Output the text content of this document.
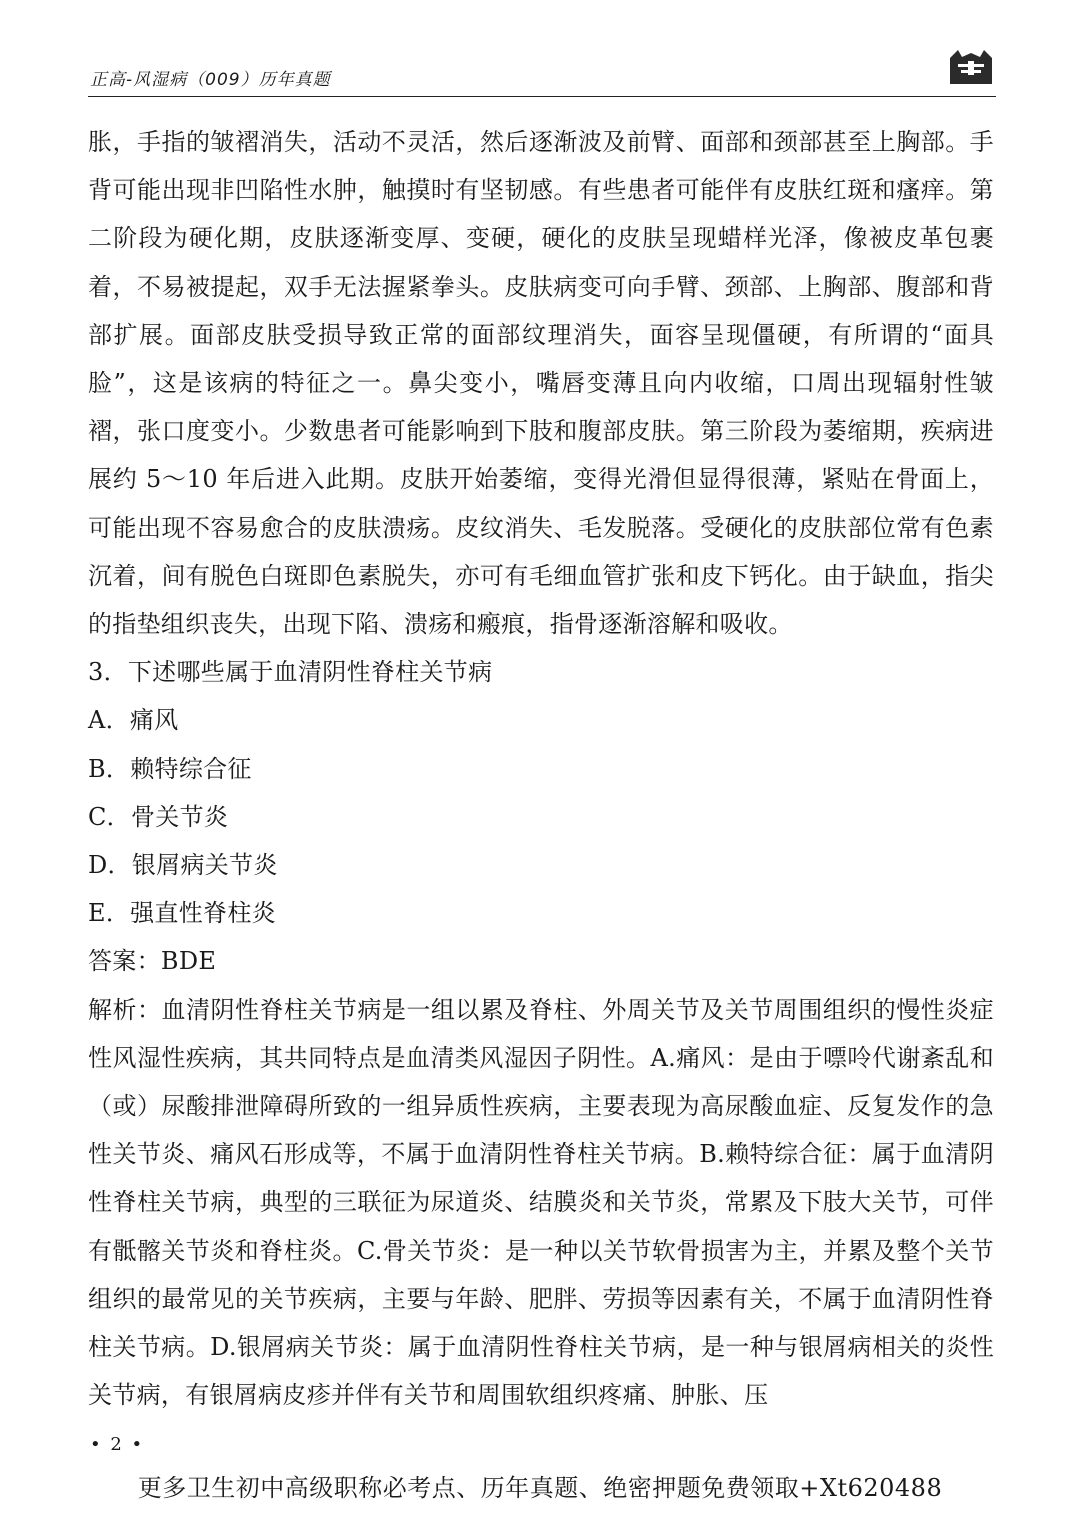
正高-风湿病（009）历年真题

胀，手指的皱褶消失，活动不灵活，然后逐渐波及前臂、面部和颈部甚至上胸部。手背可能出现非凹陷性水肿，触摸时有坚韧感。有些患者可能伴有皮肤红斑和瘙痒。第二阶段为硬化期，皮肤逐渐变厚、变硬，硬化的皮肤呈现蜡样光泽，像被皮革包裹着，不易被提起，双手无法握紧拳头。皮肤病变可向手臂、颈部、上胸部、腹部和背部扩展。面部皮肤受损导致正常的面部纹理消失，面容呈现僵硬，有所谓的“面具脸”，这是该病的特征之一。鼻尖变小，嘴唇变薄且向内收缩，口周出现辐射性皱褶，张口度变小。少数患者可能影响到下肢和腹部皮肤。第三阶段为萎缩期，疾病进展约 5～10 年后进入此期。皮肤开始萎缩，变得光滑但显得很薄，紧贴在骨面上，可能出现不容易愈合的皮肤溃疡。皮纹消失、毛发脱落。受硬化的皮肤部位常有色素沉着，间有脱色白斑即色素脱失，亦可有毛细血管扩张和皮下钙化。由于缺血，指尖的指垫组织丧失，出现下陷、溃疡和瘢痕，指骨逐渐溶解和吸收。

3．下述哪些属于血清阴性脊柱关节病

A．痛风

B．赖特综合征

C．骨关节炎

D．银屑病关节炎

E．强直性脊柱炎

答案：BDE

解析：血清阴性脊柱关节病是一组以累及脊柱、外周关节及关节周围组织的慢性炎症性风湿性疾病，其共同特点是血清类风湿因子阴性。A.痛风：是由于嘌呤代谢紊乱和（或）尿酸排泄障碍所致的一组异质性疾病，主要表现为高尿酸血症、反复发作的急性关节炎、痛风石形成等，不属于血清阴性脊柱关节病。B.赖特综合征：属于血清阴性脊柱关节病，典型的三联征为尿道炎、结膜炎和关节炎，常累及下肢大关节，可伴有骶髂关节炎和脊柱炎。C.骨关节炎：是一种以关节软骨损害为主，并累及整个关节组织的最常见的关节疾病，主要与年龄、肥胖、劳损等因素有关，不属于血清阴性脊柱关节病。D.银屑病关节炎：属于血清阴性脊柱关节病，是一种与银屑病相关的炎性关节病，有银屑病皮疹并伴有关节和周围软组织疼痛、肿胀、压

• 2 •
更多卫生初中高级职称必考点、历年真题、绝密押题免费领取+Xt620488
